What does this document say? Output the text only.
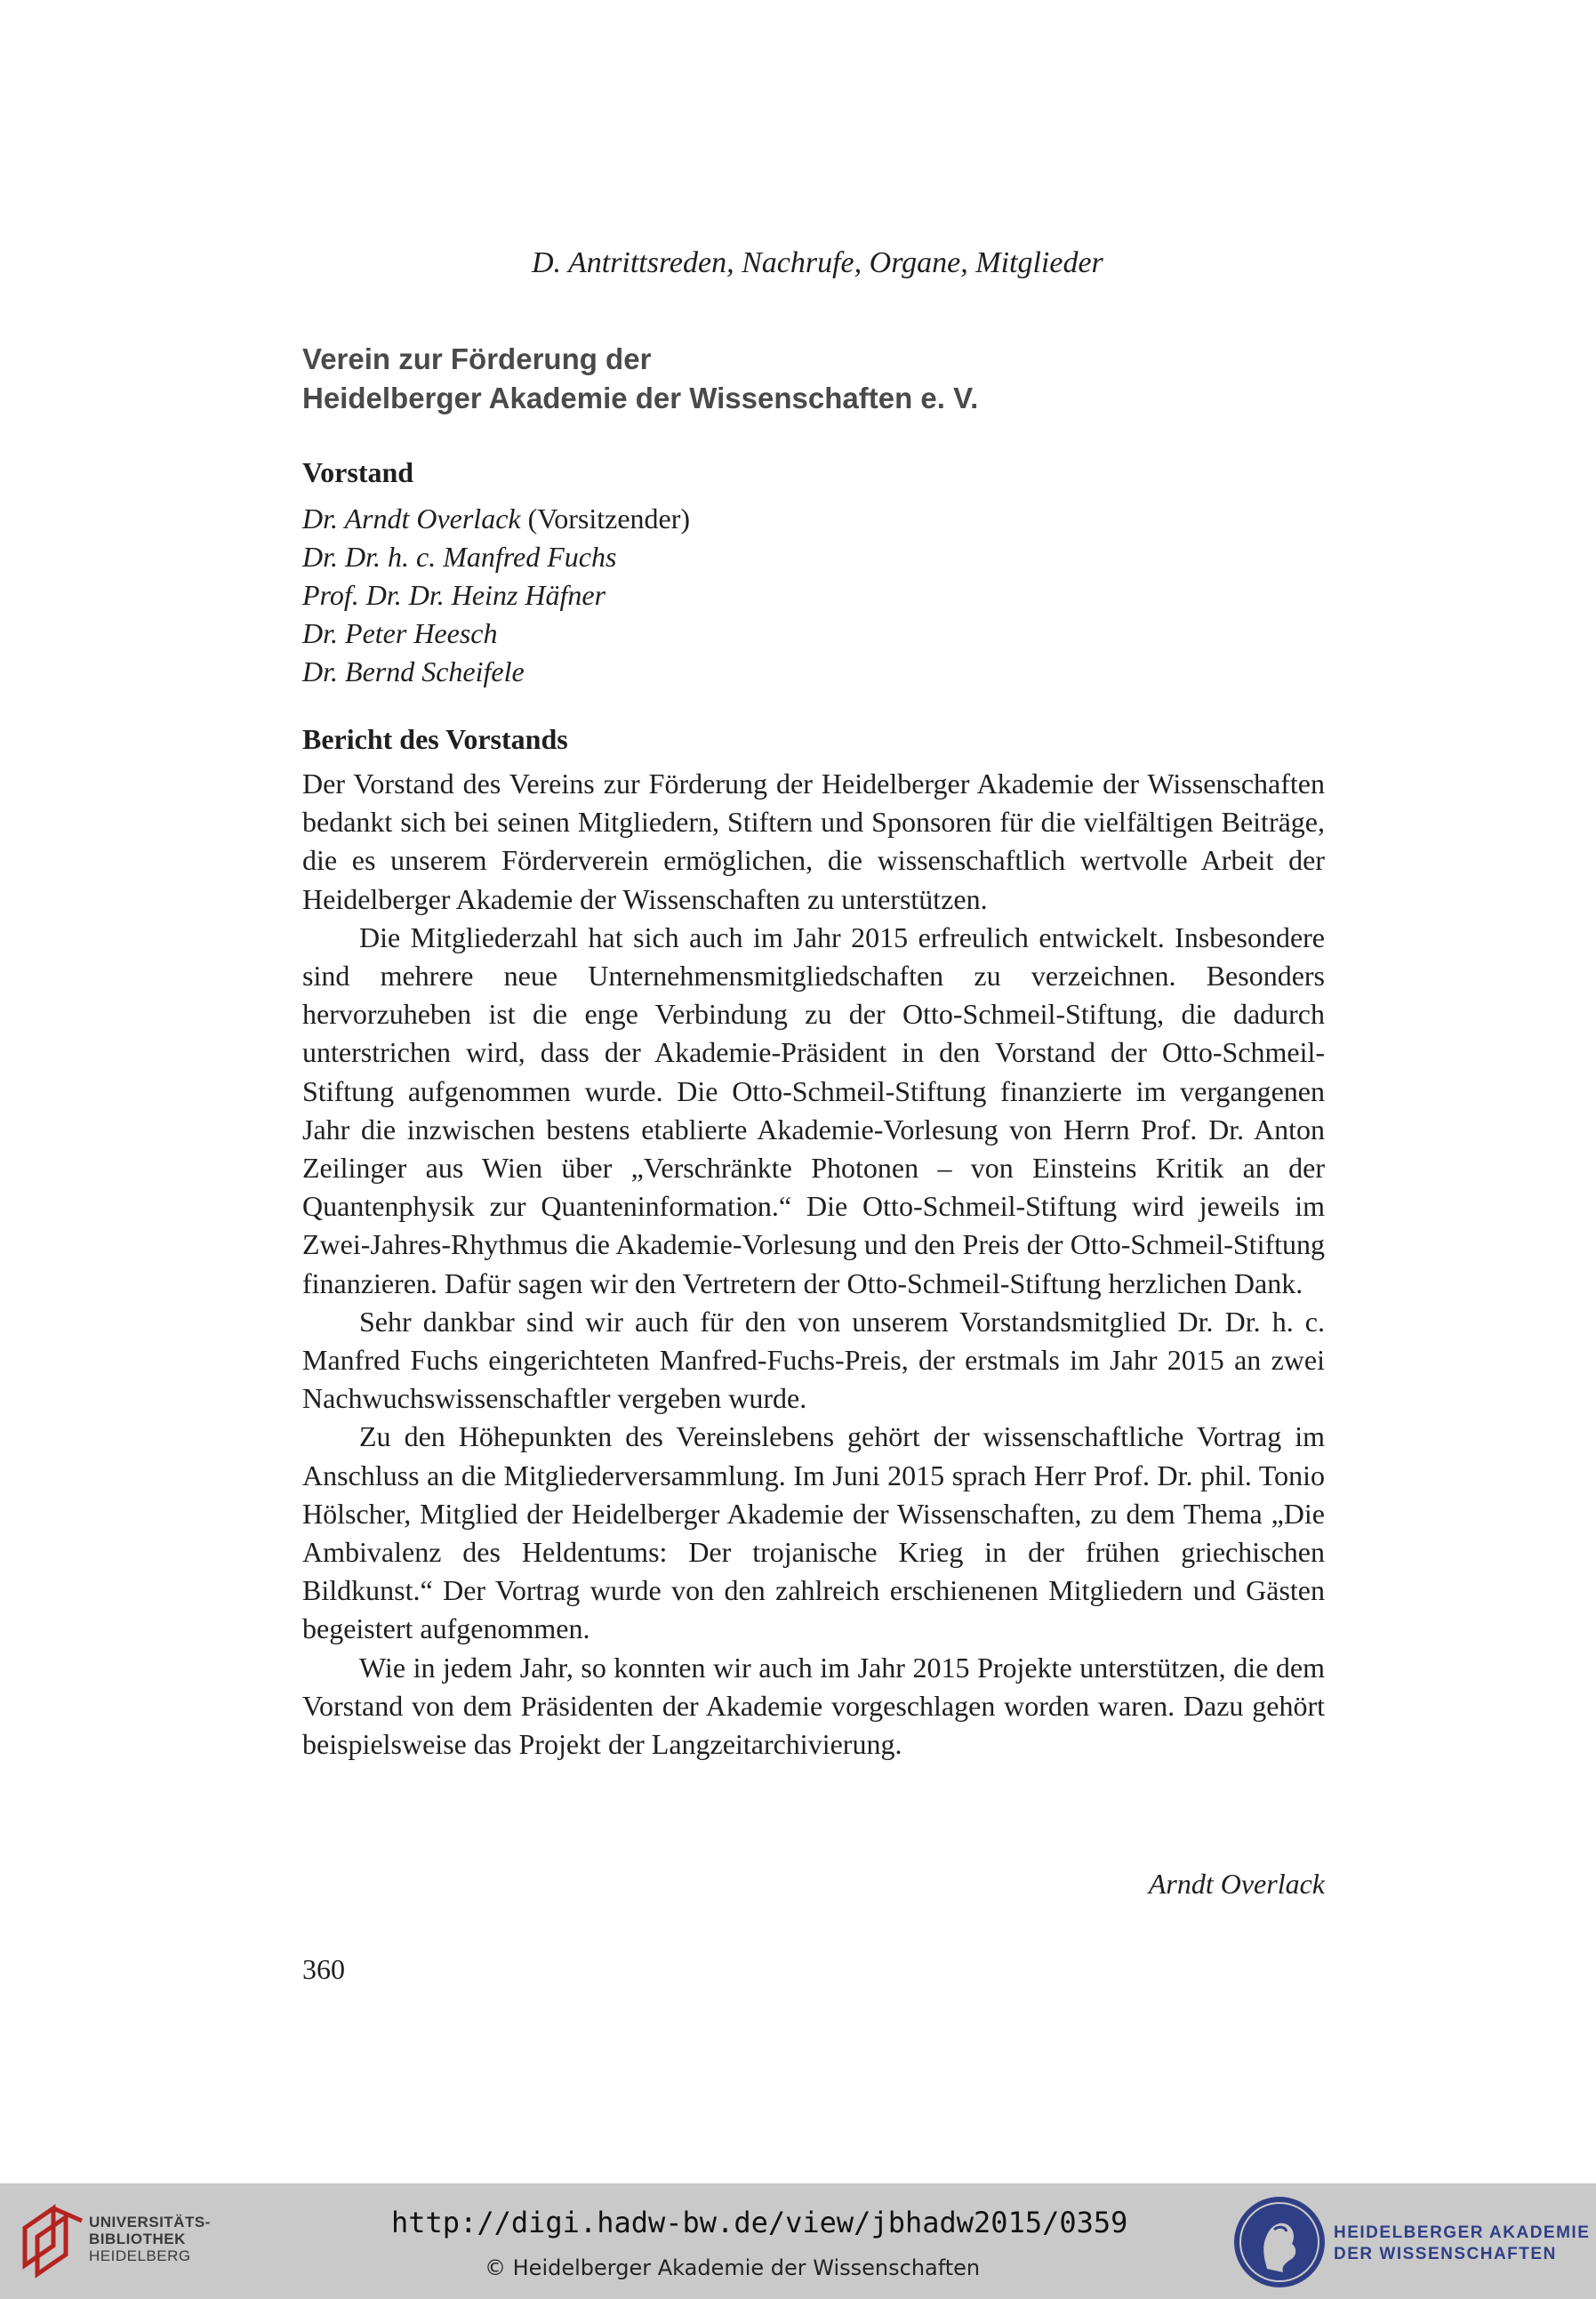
D. Antrittsreden, Nachrufe, Organe, Mitglieder
Verein zur Förderung der
Heidelberger Akademie der Wissenschaften e. V.
Vorstand
Dr. Arndt Overlack (Vorsitzender)
Dr. Dr. h. c. Manfred Fuchs
Prof. Dr. Dr. Heinz Häfner
Dr. Peter Heesch
Dr. Bernd Scheifele
Bericht des Vorstands

Der Vorstand des Vereins zur Förderung der Heidelberger Akademie der Wissenschaften bedankt sich bei seinen Mitgliedern, Stiftern und Sponsoren für die vielfältigen Beiträge, die es unserem Förderverein ermöglichen, die wissenschaftlich wertvolle Arbeit der Heidelberger Akademie der Wissenschaften zu unterstützen.

Die Mitgliederzahl hat sich auch im Jahr 2015 erfreulich entwickelt. Insbesondere sind mehrere neue Unternehmensmitgliedschaften zu verzeichnen. Besonders hervorzuheben ist die enge Verbindung zu der Otto-Schmeil-Stiftung, die dadurch unterstrichen wird, dass der Akademie-Präsident in den Vorstand der Otto-Schmeil-Stiftung aufgenommen wurde. Die Otto-Schmeil-Stiftung finanzierte im vergangenen Jahr die inzwischen bestens etablierte Akademie-Vorlesung von Herrn Prof. Dr. Anton Zeilinger aus Wien über „Verschränkte Photonen – von Einsteins Kritik an der Quantenphysik zur Quanteninformation.“ Die Otto-Schmeil-Stiftung wird jeweils im Zwei-Jahres-Rhythmus die Akademie-Vorlesung und den Preis der Otto-Schmeil-Stiftung finanzieren. Dafür sagen wir den Vertretern der Otto-Schmeil-Stiftung herzlichen Dank.

Sehr dankbar sind wir auch für den von unserem Vorstandsmitglied Dr. Dr. h. c. Manfred Fuchs eingerichteten Manfred-Fuchs-Preis, der erstmals im Jahr 2015 an zwei Nachwuchswissenschaftler vergeben wurde.

Zu den Höhepunkten des Vereinslebens gehört der wissenschaftliche Vortrag im Anschluss an die Mitgliederversammlung. Im Juni 2015 sprach Herr Prof. Dr. phil. Tonio Hölscher, Mitglied der Heidelberger Akademie der Wissenschaften, zu dem Thema „Die Ambivalenz des Heldentums: Der trojanische Krieg in der frühen griechischen Bildkunst.“ Der Vortrag wurde von den zahlreich erschienenen Mitgliedern und Gästen begeistert aufgenommen.

Wie in jedem Jahr, so konnten wir auch im Jahr 2015 Projekte unterstützen, die dem Vorstand von dem Präsidenten der Akademie vorgeschlagen worden waren. Dazu gehört beispielsweise das Projekt der Langzeitarchivierung.

Arndt Overlack
360
UNIVERSITÄTS-
BIBLIOTHEK
HEIDELBERG
http://digi.hadw-bw.de/view/jbhadw2015/0359
© Heidelberger Akademie der Wissenschaften
HEIDELBERGER AKADEMIE
DER WISSENSCHAFTEN
